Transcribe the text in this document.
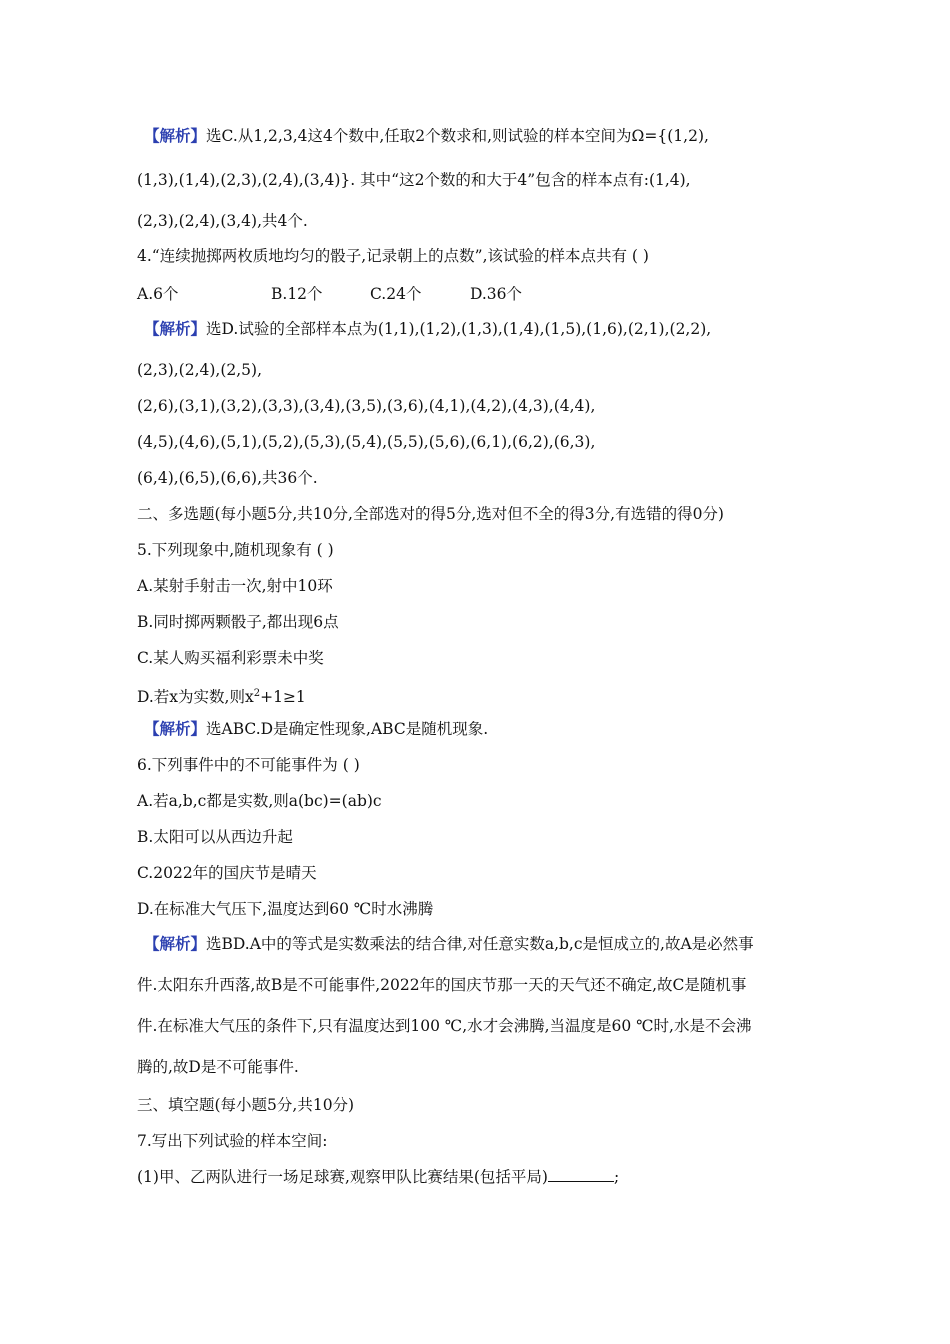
【解析】选C.从1,2,3,4这4个数中,任取2个数求和,则试验的样本空间为Ω={(1,2),
(1,3),(1,4),(2,3),(2,4),(3,4)}. 其中“这2个数的和大于4”包含的样本点有:(1,4),
(2,3),(2,4),(3,4),共4个.
4.“连续抛掷两枚质地均匀的骰子,记录朝上的点数”,该试验的样本点共有 ( )
A.6个	B.12个	C.24个	D.36个
【解析】选D.试验的全部样本点为(1,1),(1,2),(1,3),(1,4),(1,5),(1,6),(2,1),(2,2),
(2,3),(2,4),(2,5),
(2,6),(3,1),(3,2),(3,3),(3,4),(3,5),(3,6),(4,1),(4,2),(4,3),(4,4),
(4,5),(4,6),(5,1),(5,2),(5,3),(5,4),(5,5),(5,6),(6,1),(6,2),(6,3),
(6,4),(6,5),(6,6),共36个.
二、多选题(每小题5分,共10分,全部选对的得5分,选对但不全的得3分,有选错的得0分)
5.下列现象中,随机现象有 ( )
A.某射手射击一次,射中10环
B.同时掷两颗骰子,都出现6点
C.某人购买福利彩票未中奖
D.若x为实数,则$x^2+1\ge 1$
【解析】选ABC.D是确定性现象,ABC是随机现象.
6.下列事件中的不可能事件为 ( )
A.若a,b,c都是实数,则a(bc)=(ab)c
B.太阳可以从西边升起
C.2022年的国庆节是晴天
D.在标准大气压下,温度达到60 ℃时水沸腾
【解析】选BD.A中的等式是实数乘法的结合律,对任意实数a,b,c是恒成立的,故A是必然事
件.太阳东升西落,故B是不可能事件,2022年的国庆节那一天的天气还不确定,故C是随机事
件.在标准大气压的条件下,只有温度达到100 ℃,水才会沸腾,当温度是60 ℃时,水是不会沸
腾的,故D是不可能事件.
三、填空题(每小题5分,共10分)
7.写出下列试验的样本空间:
(1)甲、乙两队进行一场足球赛,观察甲队比赛结果(包括平局)	;
